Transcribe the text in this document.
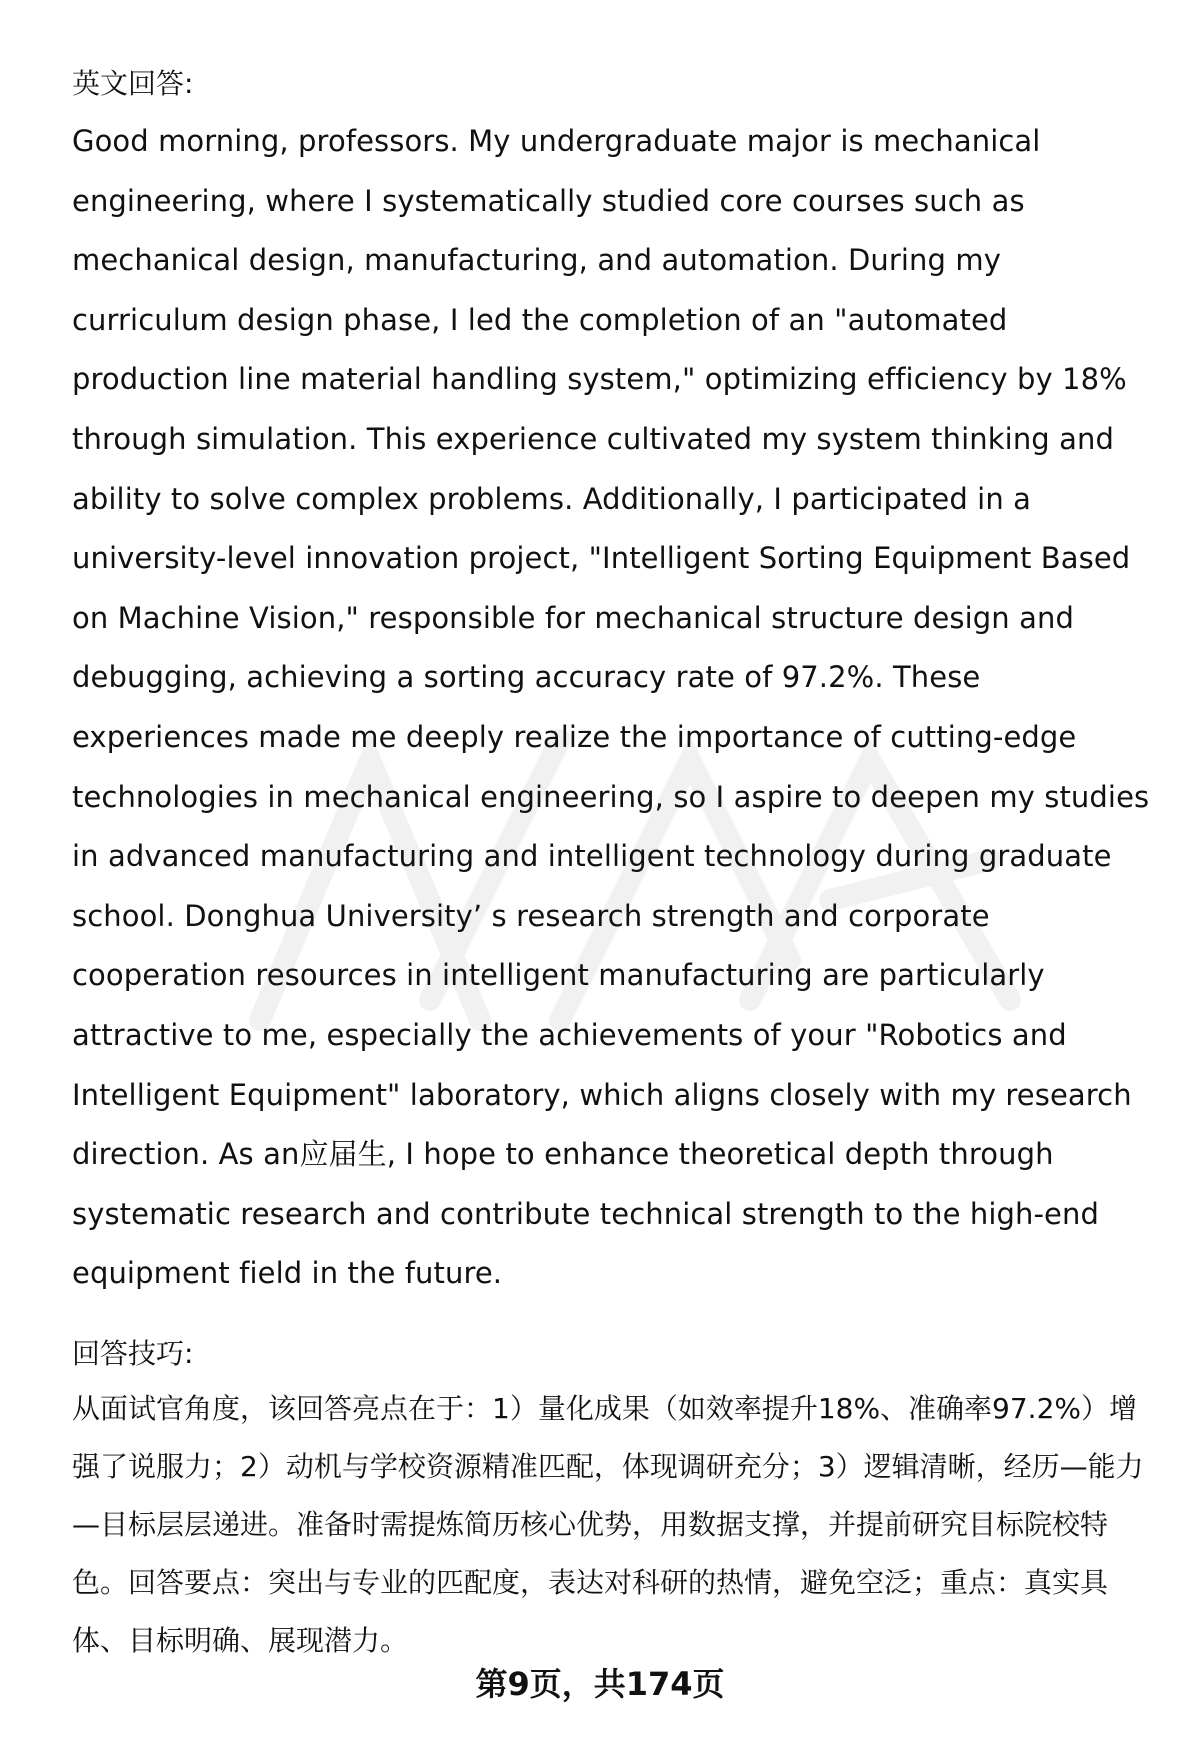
英文回答:

Good morning, professors. My undergraduate major is mechanical engineering, where I systematically studied core courses such as mechanical design, manufacturing, and automation. During my curriculum design phase, I led the completion of an "automated production line material handling system," optimizing efficiency by 18% through simulation. This experience cultivated my system thinking and ability to solve complex problems. Additionally, I participated in a university-level innovation project, "Intelligent Sorting Equipment Based on Machine Vision," responsible for mechanical structure design and debugging, achieving a sorting accuracy rate of 97.2%. These experiences made me deeply realize the importance of cutting-edge technologies in mechanical engineering, so I aspire to deepen my studies in advanced manufacturing and intelligent technology during graduate school. Donghua University’ s research strength and corporate cooperation resources in intelligent manufacturing are particularly attractive to me, especially the achievements of your "Robotics and Intelligent Equipment" laboratory, which aligns closely with my research direction. As an应届生, I hope to enhance theoretical depth through systematic research and contribute technical strength to the high-end equipment field in the future.

回答技巧:

从面试官角度，该回答亮点在于：1）量化成果（如效率提升18%、准确率97.2%）增强了说服力；2）动机与学校资源精准匹配，体现调研充分；3）逻辑清晰，经历—能力—目标层层递进。准备时需提炼简历核心优势，用数据支撑，并提前研究目标院校特色。回答要点：突出与专业的匹配度，表达对科研的热情，避免空泛；重点：真实具体、目标明确、展现潜力。

第9页，共174页
